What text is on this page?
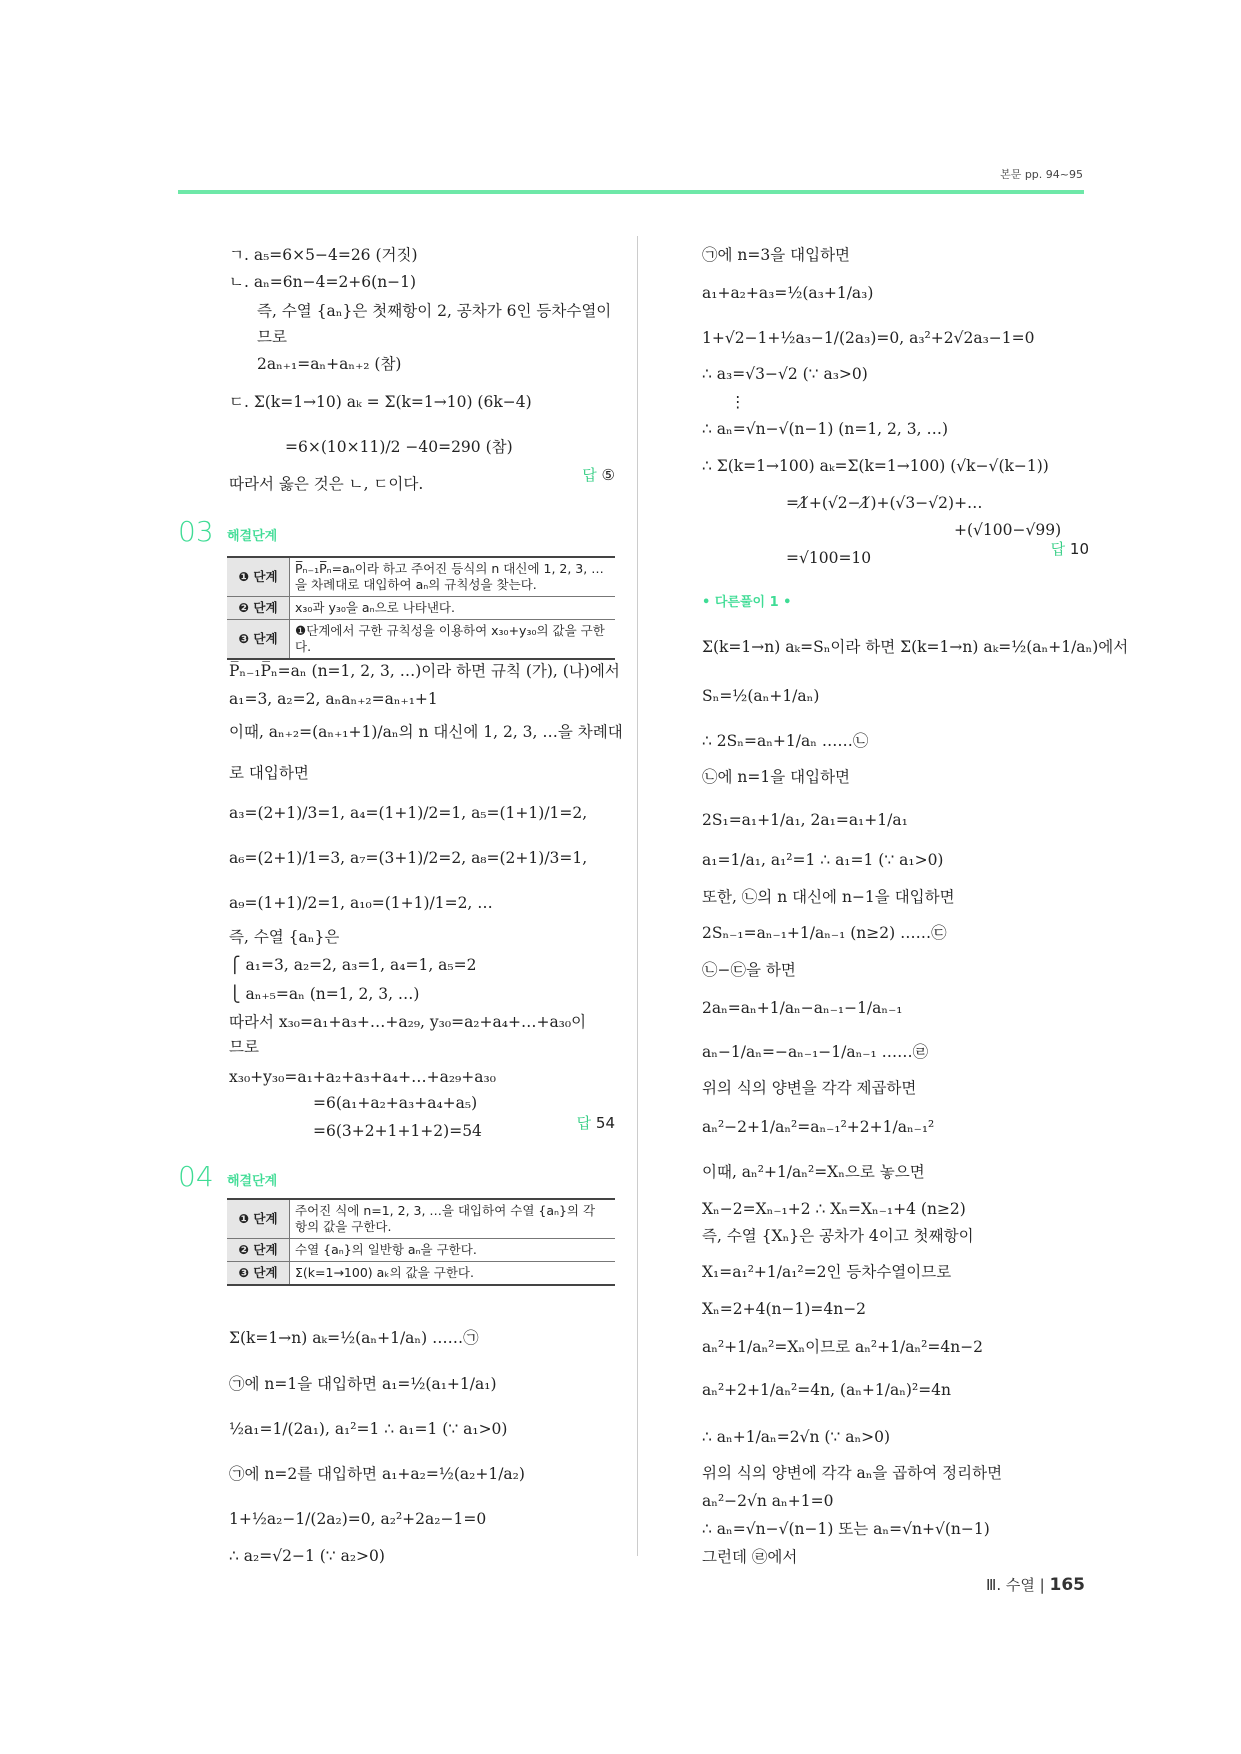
본문 pp. 94~95
ㄱ. a₅=6×5−4=26 (거짓)
ㄴ. aₙ=6n−4=2+6(n−1)
즉, 수열 {aₙ}은 첫째항이 2, 공차가 6인 등차수열이
므로
2aₙ₊₁=aₙ+aₙ₊₂ (참)
ㄷ. Σ(k=1→10) aₖ = Σ(k=1→10) (6k−4)
=6×(10×11)/2 −40=290 (참)
따라서 옳은 것은 ㄴ, ㄷ이다.	답 ⑤
03 해결단계
❶ 단계	P̅ₙ₋₁P̅ₙ=aₙ이라 하고 주어진 등식의 n 대신에 1, 2, 3, …을 차례대로 대입하여 aₙ의 규칙성을 찾는다.
❷ 단계	x₃₀과 y₃₀을 aₙ으로 나타낸다.
❸ 단계	❶단계에서 구한 규칙성을 이용하여 x₃₀+y₃₀의 값을 구한다.
P̅ₙ₋₁P̅ₙ=aₙ (n=1, 2, 3, …)이라 하면 규칙 (가), (나)에서
a₁=3, a₂=2, aₙaₙ₊₂=aₙ₊₁+1
이때, aₙ₊₂=(aₙ₊₁+1)/aₙ의 n 대신에 1, 2, 3, …을 차례대
로 대입하면
a₃=(2+1)/3=1, a₄=(1+1)/2=1, a₅=(1+1)/1=2,
a₆=(2+1)/1=3, a₇=(3+1)/2=2, a₈=(2+1)/3=1,
a₉=(1+1)/2=1, a₁₀=(1+1)/1=2, …
즉, 수열 {aₙ}은
⎧ a₁=3, a₂=2, a₃=1, a₄=1, a₅=2
⎩ aₙ₊₅=aₙ (n=1, 2, 3, …)
따라서 x₃₀=a₁+a₃+…+a₂₉, y₃₀=a₂+a₄+…+a₃₀이
므로
x₃₀+y₃₀=a₁+a₂+a₃+a₄+…+a₂₉+a₃₀
=6(a₁+a₂+a₃+a₄+a₅)
=6(3+2+1+1+2)=54	답 54
04 해결단계
❶ 단계	주어진 식에 n=1, 2, 3, …을 대입하여 수열 {aₙ}의 각 항의 값을 구한다.
❷ 단계	수열 {aₙ}의 일반항 aₙ을 구한다.
❸ 단계	Σ(k=1→100) aₖ의 값을 구한다.
Σ(k=1→n) aₖ=½(aₙ+1/aₙ) ……㉠
㉠에 n=1을 대입하면 a₁=½(a₁+1/a₁)
½a₁=1/(2a₁), a₁²=1 ∴ a₁=1 (∵ a₁>0)
㉠에 n=2를 대입하면 a₁+a₂=½(a₂+1/a₂)
1+½a₂−1/(2a₂)=0, a₂²+2a₂−1=0
∴ a₂=√2−1 (∵ a₂>0)
㉠에 n=3을 대입하면
a₁+a₂+a₃=½(a₃+1/a₃)
1+√2−1+½a₃−1/(2a₃)=0, a₃²+2√2a₃−1=0
∴ a₃=√3−√2 (∵ a₃>0)
⋮
∴ aₙ=√n−√(n−1) (n=1, 2, 3, …)
∴ Σ(k=1→100) aₖ=Σ(k=1→100) (√k−√(k−1))
=1̸+(√2−1̸)+(√3−√2)+…
+(√100−√99)
=√100=10	답 10
• 다른풀이 1 •
Σ(k=1→n) aₖ=Sₙ이라 하면 Σ(k=1→n) aₖ=½(aₙ+1/aₙ)에서
Sₙ=½(aₙ+1/aₙ)
∴ 2Sₙ=aₙ+1/aₙ ……㉡
㉡에 n=1을 대입하면
2S₁=a₁+1/a₁, 2a₁=a₁+1/a₁
a₁=1/a₁, a₁²=1 ∴ a₁=1 (∵ a₁>0)
또한, ㉡의 n 대신에 n−1을 대입하면
2Sₙ₋₁=aₙ₋₁+1/aₙ₋₁ (n≥2) ……㉢
㉡−㉢을 하면
2aₙ=aₙ+1/aₙ−aₙ₋₁−1/aₙ₋₁
aₙ−1/aₙ=−aₙ₋₁−1/aₙ₋₁ ……㉣
위의 식의 양변을 각각 제곱하면
aₙ²−2+1/aₙ²=aₙ₋₁²+2+1/aₙ₋₁²
이때, aₙ²+1/aₙ²=Xₙ으로 놓으면
Xₙ−2=Xₙ₋₁+2 ∴ Xₙ=Xₙ₋₁+4 (n≥2)
즉, 수열 {Xₙ}은 공차가 4이고 첫째항이
X₁=a₁²+1/a₁²=2인 등차수열이므로
Xₙ=2+4(n−1)=4n−2
aₙ²+1/aₙ²=Xₙ이므로 aₙ²+1/aₙ²=4n−2
aₙ²+2+1/aₙ²=4n, (aₙ+1/aₙ)²=4n
∴ aₙ+1/aₙ=2√n (∵ aₙ>0)
위의 식의 양변에 각각 aₙ을 곱하여 정리하면
aₙ²−2√n aₙ+1=0
∴ aₙ=√n−√(n−1) 또는 aₙ=√n+√(n−1)
그런데 ㉣에서
Ⅲ. 수열 | 165
